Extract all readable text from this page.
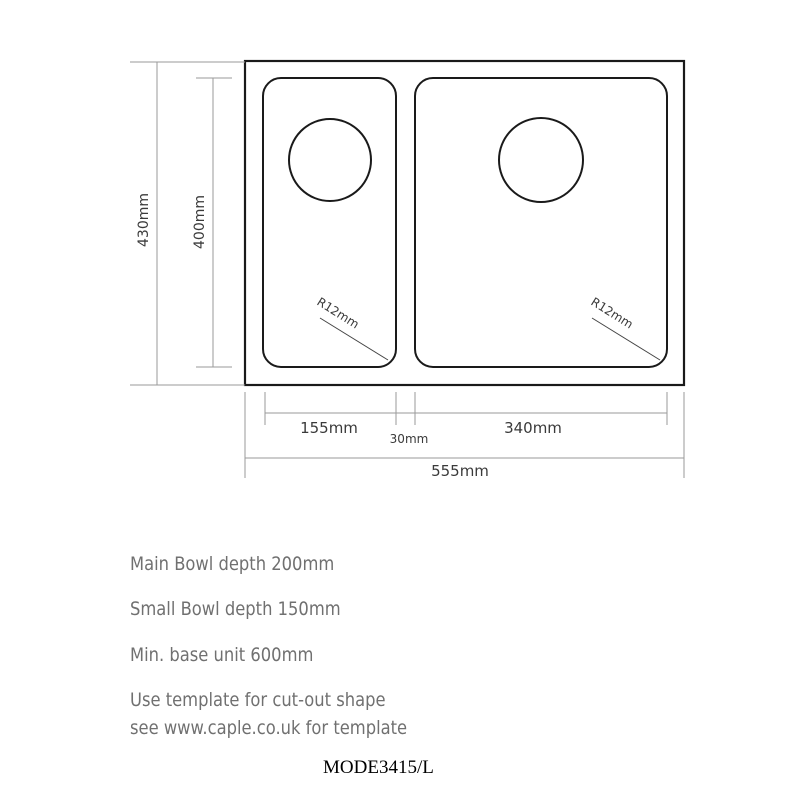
R12mm	R12mm
430mm	400mm
155mm
30mm
340mm
555mm

Main Bowl depth 200mm

Small Bowl depth 150mm

Min. base unit 600mm

Use template for cut-out shape

see www.caple.co.uk for template

MODE3415/L
